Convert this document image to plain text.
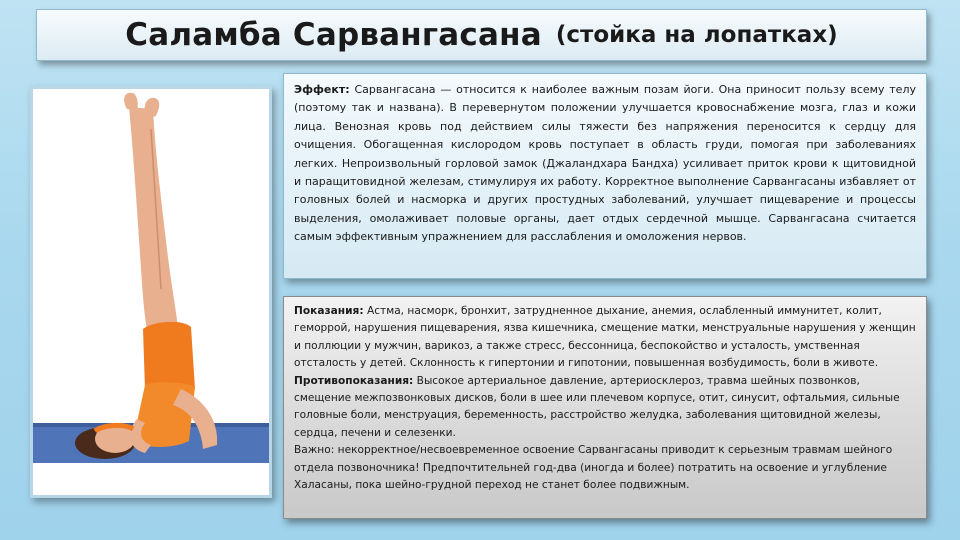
Саламба Сарвангасана (стойка на лопатках)
Эффект: Сарвангасана — относится к наиболее важным позам йоги. Она приносит пользу всему телу (поэтому так и названа). В перевернутом положении улучшается кровоснабжение мозга, глаз и кожи лица. Венозная кровь под действием силы тяжести без напряжения переносится к сердцу для очищения. Обогащенная кислородом кровь поступает в область груди, помогая при заболеваниях легких. Непроизвольный горловой замок (Джаландхара Бандха) усиливает приток крови к щитовидной и паращитовидной железам, стимулируя их работу. Корректное выполнение Сарвангасаны избавляет от головных болей и насморка и других простудных заболеваний, улучшает пищеварение и процессы выделения, омолаживает половые органы, дает отдых сердечной мышце. Сарвангасана считается самым эффективным упражнением для расслабления и омоложения нервов.
Показания: Астма, насморк, бронхит, затрудненное дыхание, анемия, ослабленный иммунитет, колит, геморрой, нарушения пищеварения, язва кишечника, смещение матки, менструальные нарушения у женщин и поллюции у мужчин, варикоз, а также стресс, бессонница, беспокойство и усталость, умственная отсталость у детей. Склонность к гипертонии и гипотонии, повышенная возбудимость, боли в животе.
Противопоказания: Высокое артериальное давление, артериосклероз, травма шейных позвонков, смещение межпозвонковых дисков, боли в шее или плечевом корпусе, отит, синусит, офтальмия, сильные головные боли, менструация, беременность, расстройство желудка, заболевания щитовидной железы, сердца, печени и селезенки.
Важно: некорректное/несвоевременное освоение Сарвангасаны приводит к серьезным травмам шейного отдела позвоночника! Предпочтительней год-два (иногда и более) потратить на освоение и углубление Халасаны, пока шейно-грудной переход не станет более подвижным.
